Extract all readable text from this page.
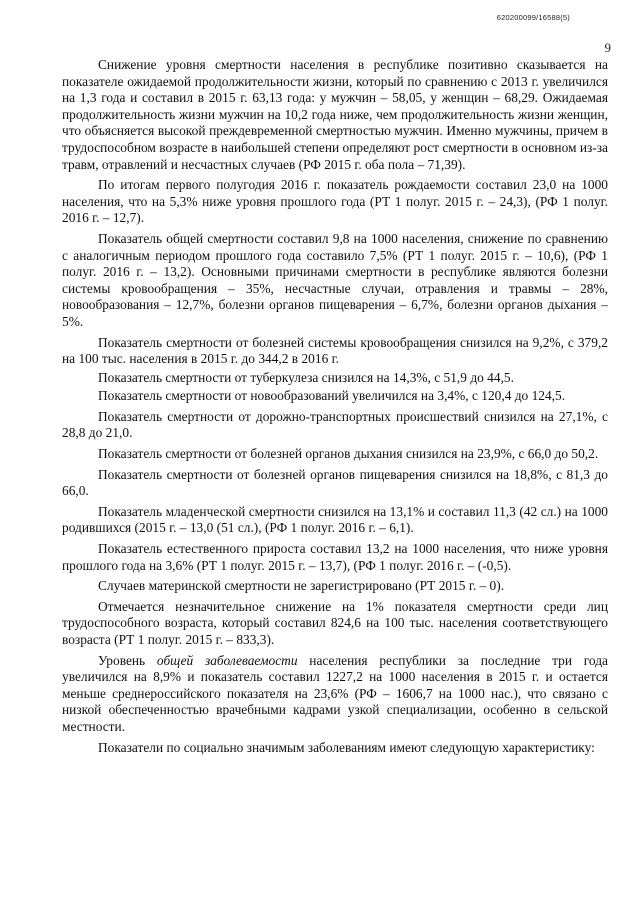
620200099/16588(5)
9

Снижение уровня смертности населения в республике позитивно сказывается на показателе ожидаемой продолжительности жизни, который по сравнению с 2013 г. увеличился на 1,3 года и составил в 2015 г. 63,13 года: у мужчин – 58,05, у женщин – 68,29. Ожидаемая продолжительность жизни мужчин на 10,2 года ниже, чем продолжительность жизни женщин, что объясняется высокой преждевременной смертностью мужчин. Именно мужчины, причем в трудоспособном возрасте в наибольшей степени определяют рост смертности в основном из-за травм, отравлений и несчастных случаев (РФ 2015 г. оба пола – 71,39).

По итогам первого полугодия 2016 г. показатель рождаемости составил 23,0 на 1000 населения, что на 5,3% ниже уровня прошлого года (РТ 1 полуг. 2015 г. – 24,3), (РФ 1 полуг. 2016 г. – 12,7).

Показатель общей смертности составил 9,8 на 1000 населения, снижение по сравнению с аналогичным периодом прошлого года составило 7,5% (РТ 1 полуг. 2015 г. – 10,6), (РФ 1 полуг. 2016 г. – 13,2). Основными причинами смертности в республике являются болезни системы кровообращения – 35%, несчастные случаи, отравления и травмы – 28%, новообразования – 12,7%, болезни органов пищеварения – 6,7%, болезни органов дыхания – 5%.

Показатель смертности от болезней системы кровообращения снизился на 9,2%, с 379,2 на 100 тыс. населения в 2015 г. до 344,2 в 2016 г.

Показатель смертности от туберкулеза снизился на 14,3%, с 51,9 до 44,5.

Показатель смертности от новообразований увеличился на 3,4%, с 120,4 до 124,5.

Показатель смертности от дорожно-транспортных происшествий снизился на 27,1%, с 28,8 до 21,0.

Показатель смертности от болезней органов дыхания снизился на 23,9%, с 66,0 до 50,2.

Показатель смертности от болезней органов пищеварения снизился на 18,8%, с 81,3 до 66,0.

Показатель младенческой смертности снизился на 13,1% и составил 11,3 (42 сл.) на 1000 родившихся (2015 г. – 13,0 (51 сл.), (РФ 1 полуг. 2016 г. – 6,1).

Показатель естественного прироста составил 13,2 на 1000 населения, что ниже уровня прошлого года на 3,6% (РТ 1 полуг. 2015 г. – 13,7), (РФ 1 полуг. 2016 г. – (-0,5).

Случаев материнской смертности не зарегистрировано (РТ 2015 г. – 0).

Отмечается незначительное снижение на 1% показателя смертности среди лиц трудоспособного возраста, который составил 824,6 на 100 тыс. населения соответствующего возраста (РТ 1 полуг. 2015 г. – 833,3).

Уровень общей заболеваемости населения республики за последние три года увеличился на 8,9% и показатель составил 1227,2 на 1000 населения в 2015 г. и остается меньше среднероссийского показателя на 23,6% (РФ – 1606,7 на 1000 нас.), что связано с низкой обеспеченностью врачебными кадрами узкой специализации, особенно в сельской местности.

Показатели по социально значимым заболеваниям имеют следующую характеристику:
